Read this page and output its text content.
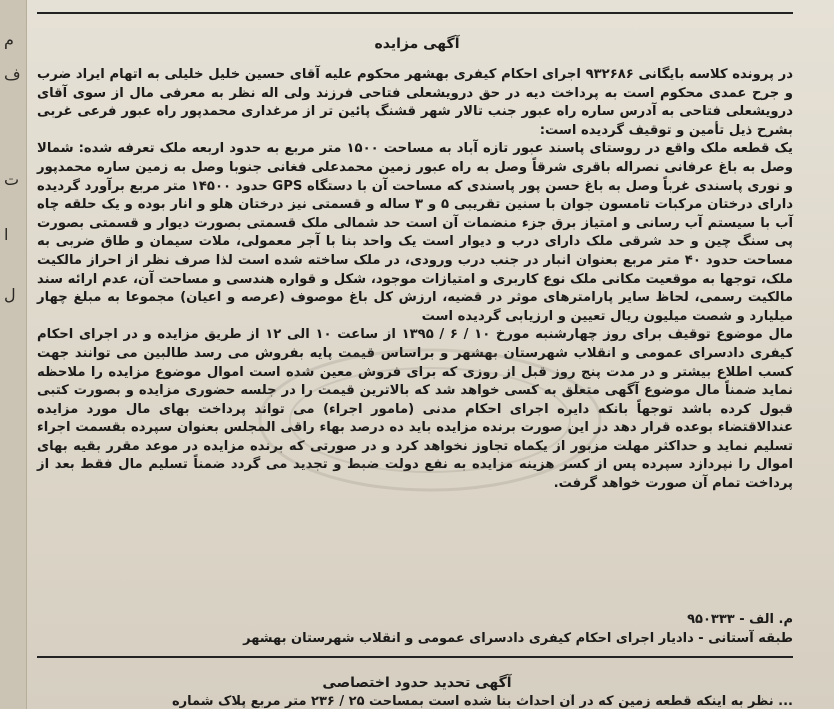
م
ف
ت
ا
ل
آگهی مزایده

در پرونده کلاسه بایگانی ۹۳۲۶۸۶ اجرای احکام کیفری بهشهر محکوم علیه آقای حسین خلیل خلیلی به اتهام ایراد ضرب و جرح عمدی محکوم است به پرداخت دیه در حق درویشعلی فتاحی فرزند ولی اله نظر به معرفی مال از سوی آقای درویشعلی فتاحی به آدرس ساره راه عبور جنب تالار شهر قشنگ پائین تر از مرغداری محمدپور راه عبور فرعی غربی بشرح ذیل تأمین و توقیف گردیده است:

یک قطعه ملک واقع در روستای پاسند عبور تازه آباد به مساحت ۱۵۰۰ متر مربع به حدود اربعه ملک تعرفه شده: شمالا وصل به باغ عرفانی نصراله باقری شرقاً وصل به راه عبور زمین محمدعلی فغانی جنوبا وصل به زمین ساره محمدپور و نوری پاسندی غرباً وصل به باغ حسن پور پاسندی که مساحت آن با دستگاه GPS حدود ۱۴۵۰۰ متر مربع برآورد گردیده دارای درختان مرکبات تامسون جوان با سنین تقریبی ۵ و ۳ ساله و قسمتی نیز درختان هلو و انار بوده و یک حلقه چاه آب با سیستم آب رسانی و امتیاز برق جزء منضمات آن است حد شمالی ملک قسمتی بصورت دیوار و قسمتی بصورت پی سنگ چین و حد شرقی ملک دارای درب و دیوار است یک واحد بنا با آجر معمولی، ملات سیمان و طاق ضربی به مساحت حدود ۴۰ متر مربع بعنوان انبار در جنب درب ورودی، در ملک ساخته شده است لذا صرف نظر از احراز مالکیت ملک، توجها به موقعیت مکانی ملک نوع کاربری و امتیازات موجود، شکل و قواره هندسی و مساحت آن، عدم ارائه سند مالکیت رسمی، لحاظ سایر پارامترهای موثر در قضیه، ارزش کل باغ موصوف (عرصه و اعیان) مجموعا به مبلغ چهار میلیارد و شصت میلیون ریال تعیین و ارزیابی گردیده است

مال موضوع توقیف برای روز چهارشنبه مورخ ۱۰ / ۶ / ۱۳۹۵ از ساعت ۱۰ الی ۱۲ از طریق مزایده و در اجرای احکام کیفری دادسرای عمومی و انقلاب شهرستان بهشهر و براساس قیمت پایه بفروش می رسد طالبین می توانند جهت کسب اطلاع بیشتر و در مدت پنج روز قبل از روزی که برای فروش معین شده است اموال موضوع مزایده را ملاحظه نماید ضمناً مال موضوع آگهی متعلق به کسی خواهد شد که بالاترین قیمت را در جلسه حضوری مزایده و بصورت کتبی قبول کرده باشد توجهاً بانکه دایره اجرای احکام مدنی (مامور اجراء) می تواند پرداخت بهای مال مورد مزایده عندالاقتضاء بوعده قرار دهد در این صورت برنده مزایده باید ده درصد بهاء راقی المجلس بعنوان سپرده بقسمت اجراء تسلیم نماید و حداکثر مهلت مزبور از یکماه تجاوز نخواهد کرد و در صورتی که برنده مزایده در موعد مقرر بقیه بهای اموال را نپردازد سپرده پس از کسر هزینه مزایده به نفع دولت ضبط و تجدید می گردد ضمناً تسلیم مال فقط بعد از پرداخت تمام آن صورت خواهد گرفت.

م. الف - ۹۵۰۳۳۳
طبقه آستانی - دادیار اجرای احکام کیفری دادسرای عمومی و انقلاب شهرستان بهشهر
آگهی تحدید حدود اختصاصی
... نظر به اینکه قطعه زمین که در آن احداث بنا شده است بمساحت ۲۵ / ۲۳۶ متر مربع پلاک شماره
